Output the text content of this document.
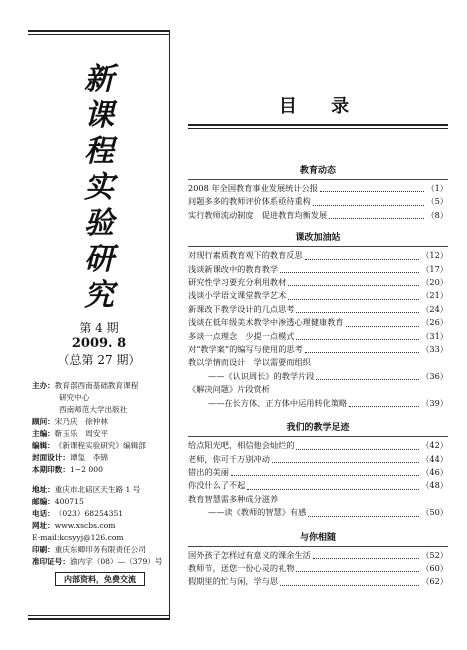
新
课
程
实
验
研
究
第 4 期
2009. 8
（总第 27 期）
主办： 教育部西南基础教育课程
研究中心
西南师范大学出版社
顾问： 宋乃庆　徐仲林
主编： 靳玉乐　周安平
编辑： 《新课程实验研究》编辑部
封面设计： 谭玺　李锦
本期印数： 1~2 000
地址： 重庆市北碚区天生路 1 号
邮编： 400715
电话： （023）68254351
网址： www.xscbs.com
E-mail:kcsyyj@126.com
印刷： 重庆东卿印务有限责任公司
准印证号： 渝内字（08）—（379）号
内部资料，免费交流
目 录
教育动态
2008 年全国教育事业发展统计公报	（1）
问题多多的教师评价体系亟待重构	（5）
实行教师流动制度　促进教育均衡发展	（8）
课改加油站
对现行素质教育观下的教育反思	（12）
浅谈新课改中的教育教学	（17）
研究性学习要充分利用教材	（20）
浅谈小学语文课堂教学艺术	（21）
新课改下教学设计的几点思考	（24）
浅谈在低年级美术教学中渗透心理健康教育	（26）
多谈一点理念　少提一点模式	（31）
对“教学案”的编写与使用的思考	（33）
教以学情而设计　学以需要而组织
——《认识周长》的教学片段	（36）
《解决问题》片段赏析
——在长方体、正方体中运用转化策略	（39）
我们的教学足迹
给点阳光吧，相信他会灿烂的	（42）
老师，你可千万别冲动	（44）
错出的美丽	（46）
你没什么了不起	（48）
教育智慧需多种成分滋养
——读《教师的智慧》有感	（50）
与你相随
国外孩子怎样过有意义的课余生活	（52）
教师节，送您一份心灵的礼物	（60）
假期里的忙与闲，学与思	（62）
